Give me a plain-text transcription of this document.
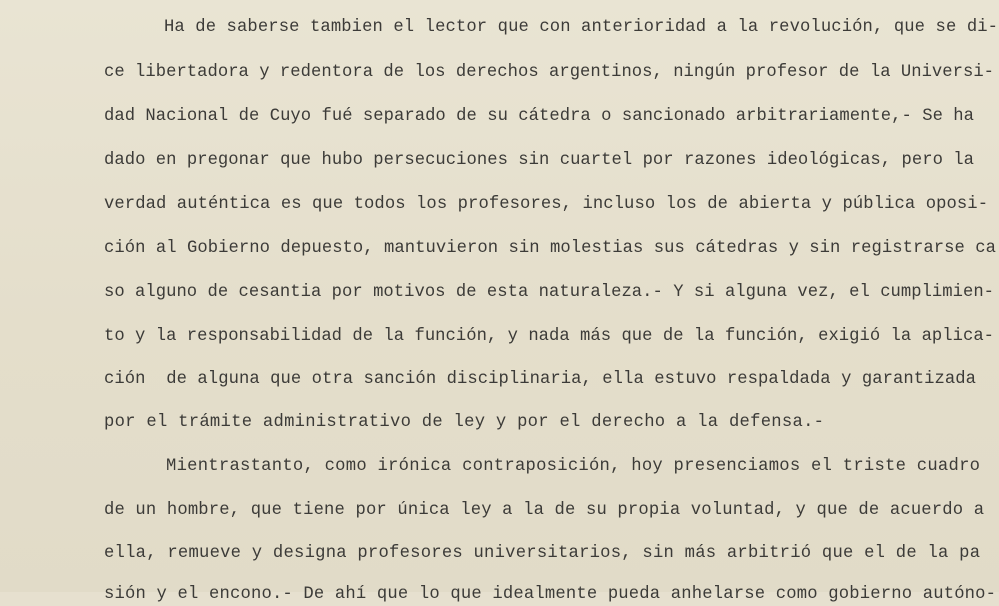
Ha de saberse tambien el lector que con anterioridad a la revolución, que se di-
ce libertadora y redentora de los derechos argentinos, ningún profesor de la Universi-
dad Nacional de Cuyo fué separado de su cátedra o sancionado arbitrariamente,- Se ha
dado en pregonar que hubo persecuciones sin cuartel por razones ideológicas, pero la
verdad auténtica es que todos los profesores, incluso los de abierta y pública oposi-
ción al Gobierno depuesto, mantuvieron sin molestias sus cátedras y sin registrarse ca
so alguno de cesantia por motivos de esta naturaleza.- Y si alguna vez, el cumplimien-
to y la responsabilidad de la función, y nada más que de la función, exigió la aplica-
ción  de alguna que otra sanción disciplinaria, ella estuvo respaldada y garantizada
por el trámite administrativo de ley y por el derecho a la defensa.-
Mientrastanto, como irónica contraposición, hoy presenciamos el triste cuadro
de un hombre, que tiene por única ley a la de su propia voluntad, y que de acuerdo a
ella, remueve y designa profesores universitarios, sin más arbitrió que el de la pa
sión y el encono.- De ahí que lo que idealmente pueda anhelarse como gobierno autóno-
